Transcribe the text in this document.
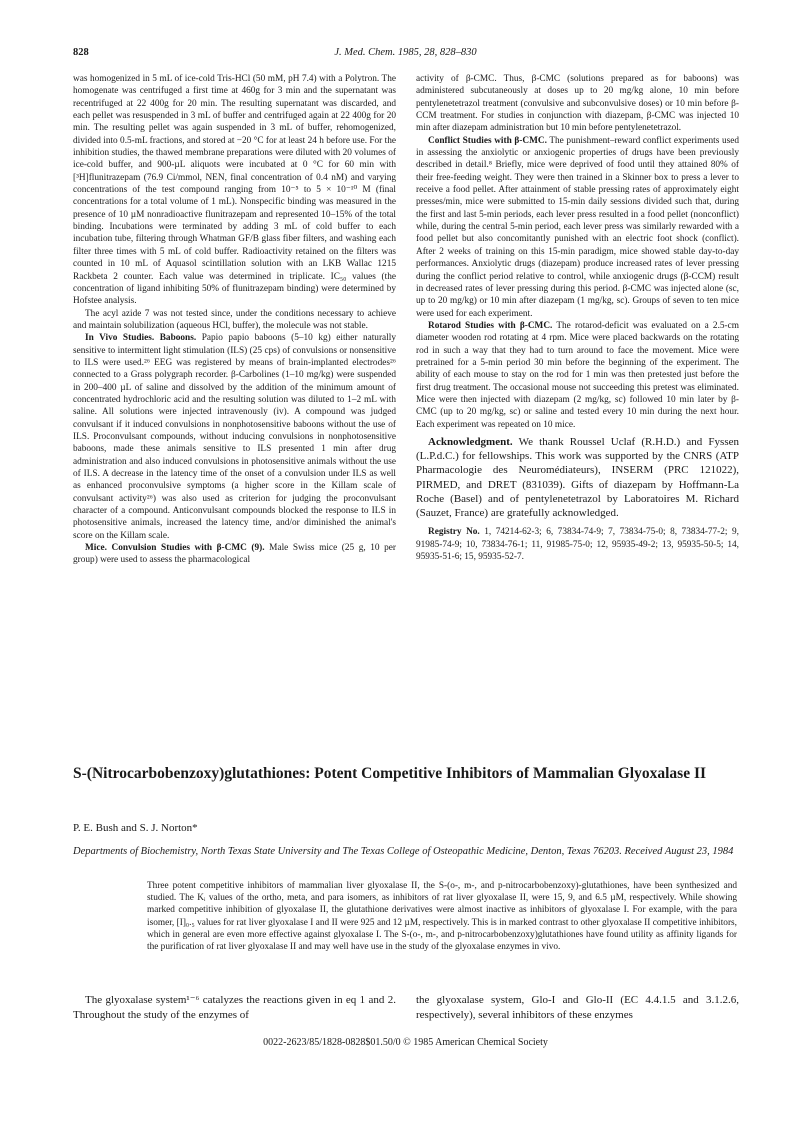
828	J. Med. Chem. 1985, 28, 828–830

was homogenized in 5 mL of ice-cold Tris-HCl (50 mM, pH 7.4) with a Polytron. The homogenate was centrifuged a first time at 460g for 3 min and the supernatant was recentrifuged at 22 400g for 20 min. The resulting supernatant was discarded, and each pellet was resuspended in 3 mL of buffer and centrifuged again at 22 400g for 20 min. The resulting pellet was again suspended in 3 mL of buffer, rehomogenized, divided into 0.5-mL fractions, and stored at −20 °C for at least 24 h before use. For the inhibition studies, the thawed membrane preparations were diluted with 20 volumes of ice-cold buffer, and 900-µL aliquots were incubated at 0 °C for 60 min with [³H]flunitrazepam (76.9 Ci/mmol, NEN, final concentration of 0.4 nM) and varying concentrations of the test compound ranging from 10⁻⁵ to 5 × 10⁻¹⁰ M (final concentrations for a total volume of 1 mL). Nonspecific binding was measured in the presence of 10 µM nonradioactive flunitrazepam and represented 10–15% of the total binding. Incubations were terminated by adding 3 mL of cold buffer to each incubation tube, filtering through Whatman GF/B glass fiber filters, and washing each filter three times with 5 mL of cold buffer. Radioactivity retained on the filters was counted in 10 mL of Aquasol scintillation solution with an LKB Wallac 1215 Rackbeta 2 counter. Each value was determined in triplicate. IC₅₀ values (the concentration of ligand inhibiting 50% of flunitrazepam binding) were determined by Hofstee analysis.

The acyl azide 7 was not tested since, under the conditions necessary to achieve and maintain solubilization (aqueous HCl, buffer), the molecule was not stable.

In Vivo Studies. Baboons. Papio papio baboons (5–10 kg) either naturally sensitive to intermittent light stimulation (ILS) (25 cps) of convulsions or nonsensitive to ILS were used.²⁶ EEG was registered by means of brain-implanted electrodes²⁶ connected to a Grass polygraph recorder. β-Carbolines (1–10 mg/kg) were suspended in 200–400 µL of saline and dissolved by the addition of the minimum amount of concentrated hydrochloric acid and the resulting solution was diluted to 1–2 mL with saline. All solutions were injected intravenously (iv). A compound was judged convulsant if it induced convulsions in nonphotosensitive baboons without the use of ILS. Proconvulsant compounds, without inducing convulsions in nonphotosensitive baboons, made these animals sensitive to ILS presented 1 min after drug administration and also induced convulsions in photosensitive animals without the use of ILS. A decrease in the latency time of the onset of a convulsion under ILS as well as enhanced proconvulsive symptoms (a higher score in the Killam scale of convulsant activity²⁶) was also used as criterion for judging the proconvulsant character of a compound. Anticonvulsant compounds blocked the response to ILS in photosensitive animals, increased the latency time, and/or diminished the animal's score on the Killam scale.

Mice. Convulsion Studies with β-CMC (9). Male Swiss mice (25 g, 10 per group) were used to assess the pharmacological

activity of β-CMC. Thus, β-CMC (solutions prepared as for baboons) was administered subcutaneously at doses up to 20 mg/kg alone, 10 min before pentylenetetrazol treatment (convulsive and subconvulsive doses) or 10 min before β-CCM treatment. For studies in conjunction with diazepam, β-CMC was injected 10 min after diazepam administration but 10 min before pentylenetetrazol.

Conflict Studies with β-CMC. The punishment–reward conflict experiments used in assessing the anxiolytic or anxiogenic properties of drugs have been previously described in detail.⁸ Briefly, mice were deprived of food until they attained 80% of their free-feeding weight. They were then trained in a Skinner box to press a lever to receive a food pellet. After attainment of stable pressing rates of approximately eight presses/min, mice were submitted to 15-min daily sessions divided such that, during the first and last 5-min periods, each lever press resulted in a food pellet (nonconflict) while, during the central 5-min period, each lever press was similarly rewarded with a food pellet but also concomitantly punished with an electric foot shock (conflict). After 2 weeks of training on this 15-min paradigm, mice showed stable day-to-day performances. Anxiolytic drugs (diazepam) produce increased rates of lever pressing during the conflict period relative to control, while anxiogenic drugs (β-CCM) result in decreased rates of lever pressing during this period. β-CMC was injected alone (sc, up to 20 mg/kg) or 10 min after diazepam (1 mg/kg, sc). Groups of seven to ten mice were used for each experiment.

Rotarod Studies with β-CMC. The rotarod-deficit was evaluated on a 2.5-cm diameter wooden rod rotating at 4 rpm. Mice were placed backwards on the rotating rod in such a way that they had to turn around to face the movement. Mice were pretrained for a 5-min period 30 min before the beginning of the experiment. The ability of each mouse to stay on the rod for 1 min was then pretested just before the first drug treatment. The occasional mouse not succeeding this pretest was eliminated. Mice were then injected with diazepam (2 mg/kg, sc) followed 10 min later by β-CMC (up to 20 mg/kg, sc) or saline and tested every 10 min during the next hour. Each experiment was repeated on 10 mice.

Acknowledgment. We thank Roussel Uclaf (R.H.D.) and Fyssen (L.P.d.C.) for fellowships. This work was supported by the CNRS (ATP Pharmacologie des Neuromédiateurs), INSERM (PRC 121022), PIRMED, and DRET (831039). Gifts of diazepam by Hoffmann-La Roche (Basel) and of pentylenetetrazol by Laboratoires M. Richard (Sauzet, France) are gratefully acknowledged.

Registry No. 1, 74214-62-3; 6, 73834-74-9; 7, 73834-75-0; 8, 73834-77-2; 9, 91985-74-9; 10, 73834-76-1; 11, 91985-75-0; 12, 95935-49-2; 13, 95935-50-5; 14, 95935-51-6; 15, 95935-52-7.

S-(Nitrocarbobenzoxy)glutathiones: Potent Competitive Inhibitors of Mammalian Glyoxalase II
P. E. Bush and S. J. Norton*
Departments of Biochemistry, North Texas State University and The Texas College of Osteopathic Medicine, Denton, Texas 76203. Received August 23, 1984
Three potent competitive inhibitors of mammalian liver glyoxalase II, the S-(o-, m-, and p-nitrocarbobenzoxy)-glutathiones, have been synthesized and studied. The Kᵢ values of the ortho, meta, and para isomers, as inhibitors of rat liver glyoxalase II, were 15, 9, and 6.5 µM, respectively. While showing marked competitive inhibition of glyoxalase II, the glutathione derivatives were almost inactive as inhibitors of glyoxalase I. For example, with the para isomer, [I]₀.₅ values for rat liver glyoxalase I and II were 925 and 12 µM, respectively. This is in marked contrast to other glyoxalase II competitive inhibitors, which in general are even more effective against glyoxalase I. The S-(o-, m-, and p-nitrocarbobenzoxy)glutathiones have found utility as affinity ligands for the purification of rat liver glyoxalase II and may well have use in the study of the glyoxalase enzymes in vivo.
The glyoxalase system¹⁻⁶ catalyzes the reactions given in eq 1 and 2. Throughout the study of the enzymes of
the glyoxalase system, Glo-I and Glo-II (EC 4.4.1.5 and 3.1.2.6, respectively), several inhibitors of these enzymes
0022-2623/85/1828-0828$01.50/0 © 1985 American Chemical Society
